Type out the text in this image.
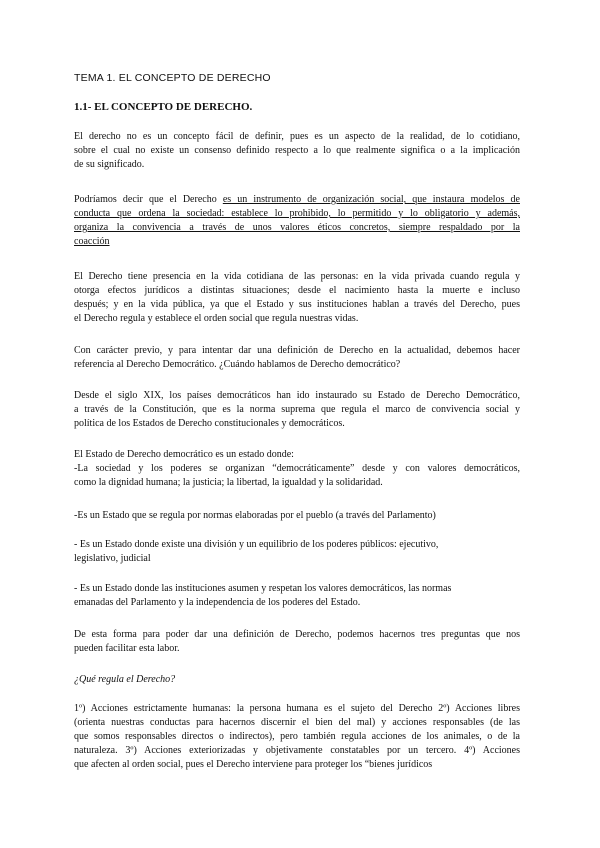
TEMA 1. EL CONCEPTO DE DERECHO
1.1- EL CONCEPTO DE DERECHO.
El derecho no es un concepto fácil de definir, pues es un aspecto de la realidad, de lo cotidiano,
sobre el cual no existe un consenso definido respecto a lo que realmente significa o a la implicación
de su significado.
Podríamos decir que el Derecho es un instrumento de organización social, que instaura modelos de
conducta que ordena la sociedad: establece lo prohibido, lo permitido y lo obligatorio y además,
organiza la convivencia a través de unos valores éticos concretos, siempre respaldado por la
coacción
El Derecho tiene presencia en la vida cotidiana de las personas: en la vida privada cuando regula y
otorga efectos jurídicos a distintas situaciones; desde el nacimiento hasta la muerte e incluso
después; y en la vida pública, ya que el Estado y sus instituciones hablan a través del Derecho, pues
el Derecho regula y establece el orden social que regula nuestras vidas.
Con carácter previo, y para intentar dar una definición de Derecho en la actualidad, debemos hacer
referencia al Derecho Democrático. ¿Cuándo hablamos de Derecho democrático?
Desde el siglo XIX, los países democráticos han ido instaurado su Estado de Derecho Democrático,
a través de la Constitución, que es la norma suprema que regula el marco de convivencia social y
política de los Estados de Derecho constitucionales y democráticos.
El Estado de Derecho democrático es un estado donde:
-La sociedad y los poderes se organizan “democráticamente” desde y con valores democráticos,
como la dignidad humana; la justicia; la libertad, la igualdad y la solidaridad.
-Es un Estado que se regula por normas elaboradas por el pueblo (a través del Parlamento)
- Es un Estado donde existe una división y un equilibrio de los poderes públicos: ejecutivo,
legislativo, judicial
- Es un Estado donde las instituciones asumen y respetan los valores democráticos, las normas
emanadas del Parlamento y la independencia de los poderes del Estado.
De esta forma para poder dar una definición de Derecho, podemos hacernos tres preguntas que nos
pueden facilitar esta labor.
¿Qué regula el Derecho?
1º) Acciones estrictamente humanas: la persona humana es el sujeto del Derecho 2º) Acciones libres
(orienta nuestras conductas para hacernos discernir el bien del mal) y acciones responsables (de las
que somos responsables directos o indirectos), pero también regula acciones de los animales, o de la
naturaleza. 3º) Acciones exteriorizadas y objetivamente constatables por un tercero. 4º) Acciones
que afecten al orden social, pues el Derecho interviene para proteger los “bienes jurídicos
